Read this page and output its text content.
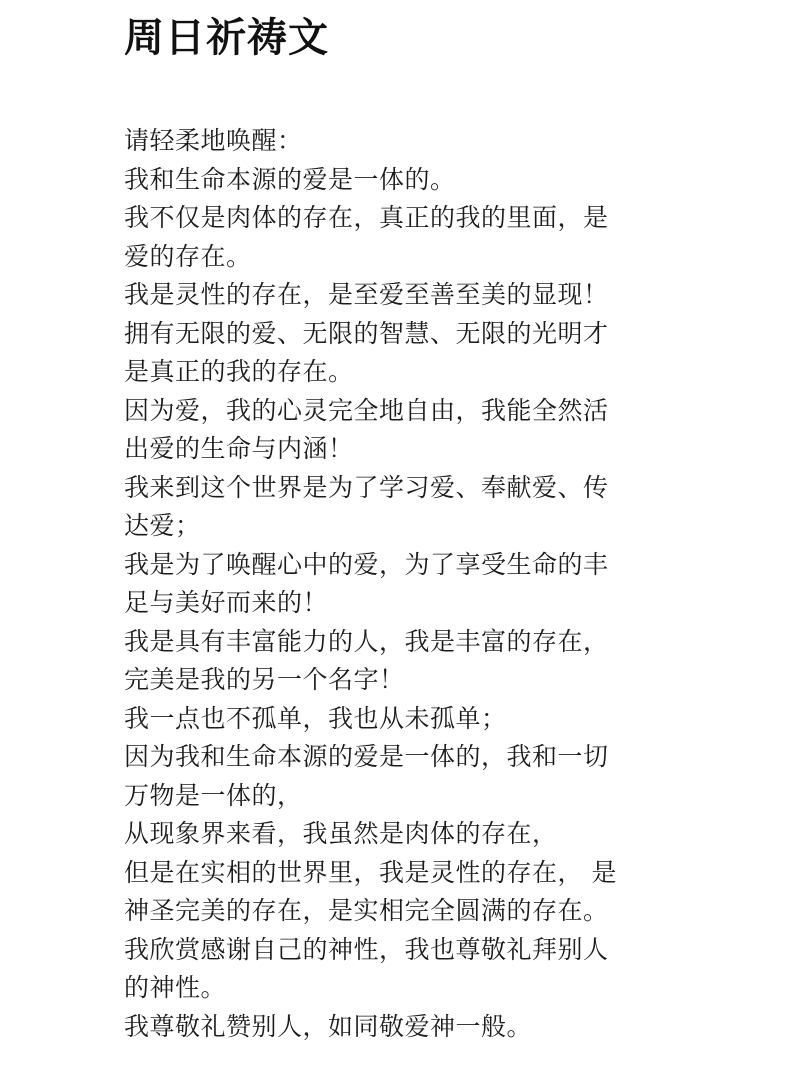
周日祈祷文
请轻柔地唤醒：
我和生命本源的爱是一体的。
我不仅是肉体的存在，真正的我的里面，是
爱的存在。
我是灵性的存在，是至爱至善至美的显现！
拥有无限的爱、无限的智慧、无限的光明才
是真正的我的存在。
因为爱，我的心灵完全地自由，我能全然活
出爱的生命与内涵！
我来到这个世界是为了学习爱、奉献爱、传
达爱；
我是为了唤醒心中的爱，为了享受生命的丰
足与美好而来的！
我是具有丰富能力的人，我是丰富的存在，
完美是我的另一个名字！
我一点也不孤单，我也从未孤单；
因为我和生命本源的爱是一体的，我和一切
万物是一体的，
从现象界来看，我虽然是肉体的存在，
但是在实相的世界里，我是灵性的存在， 是
神圣完美的存在，是实相完全圆满的存在。
我欣赏感谢自己的神性，我也尊敬礼拜别人
的神性。
我尊敬礼赞别人，如同敬爱神一般。
